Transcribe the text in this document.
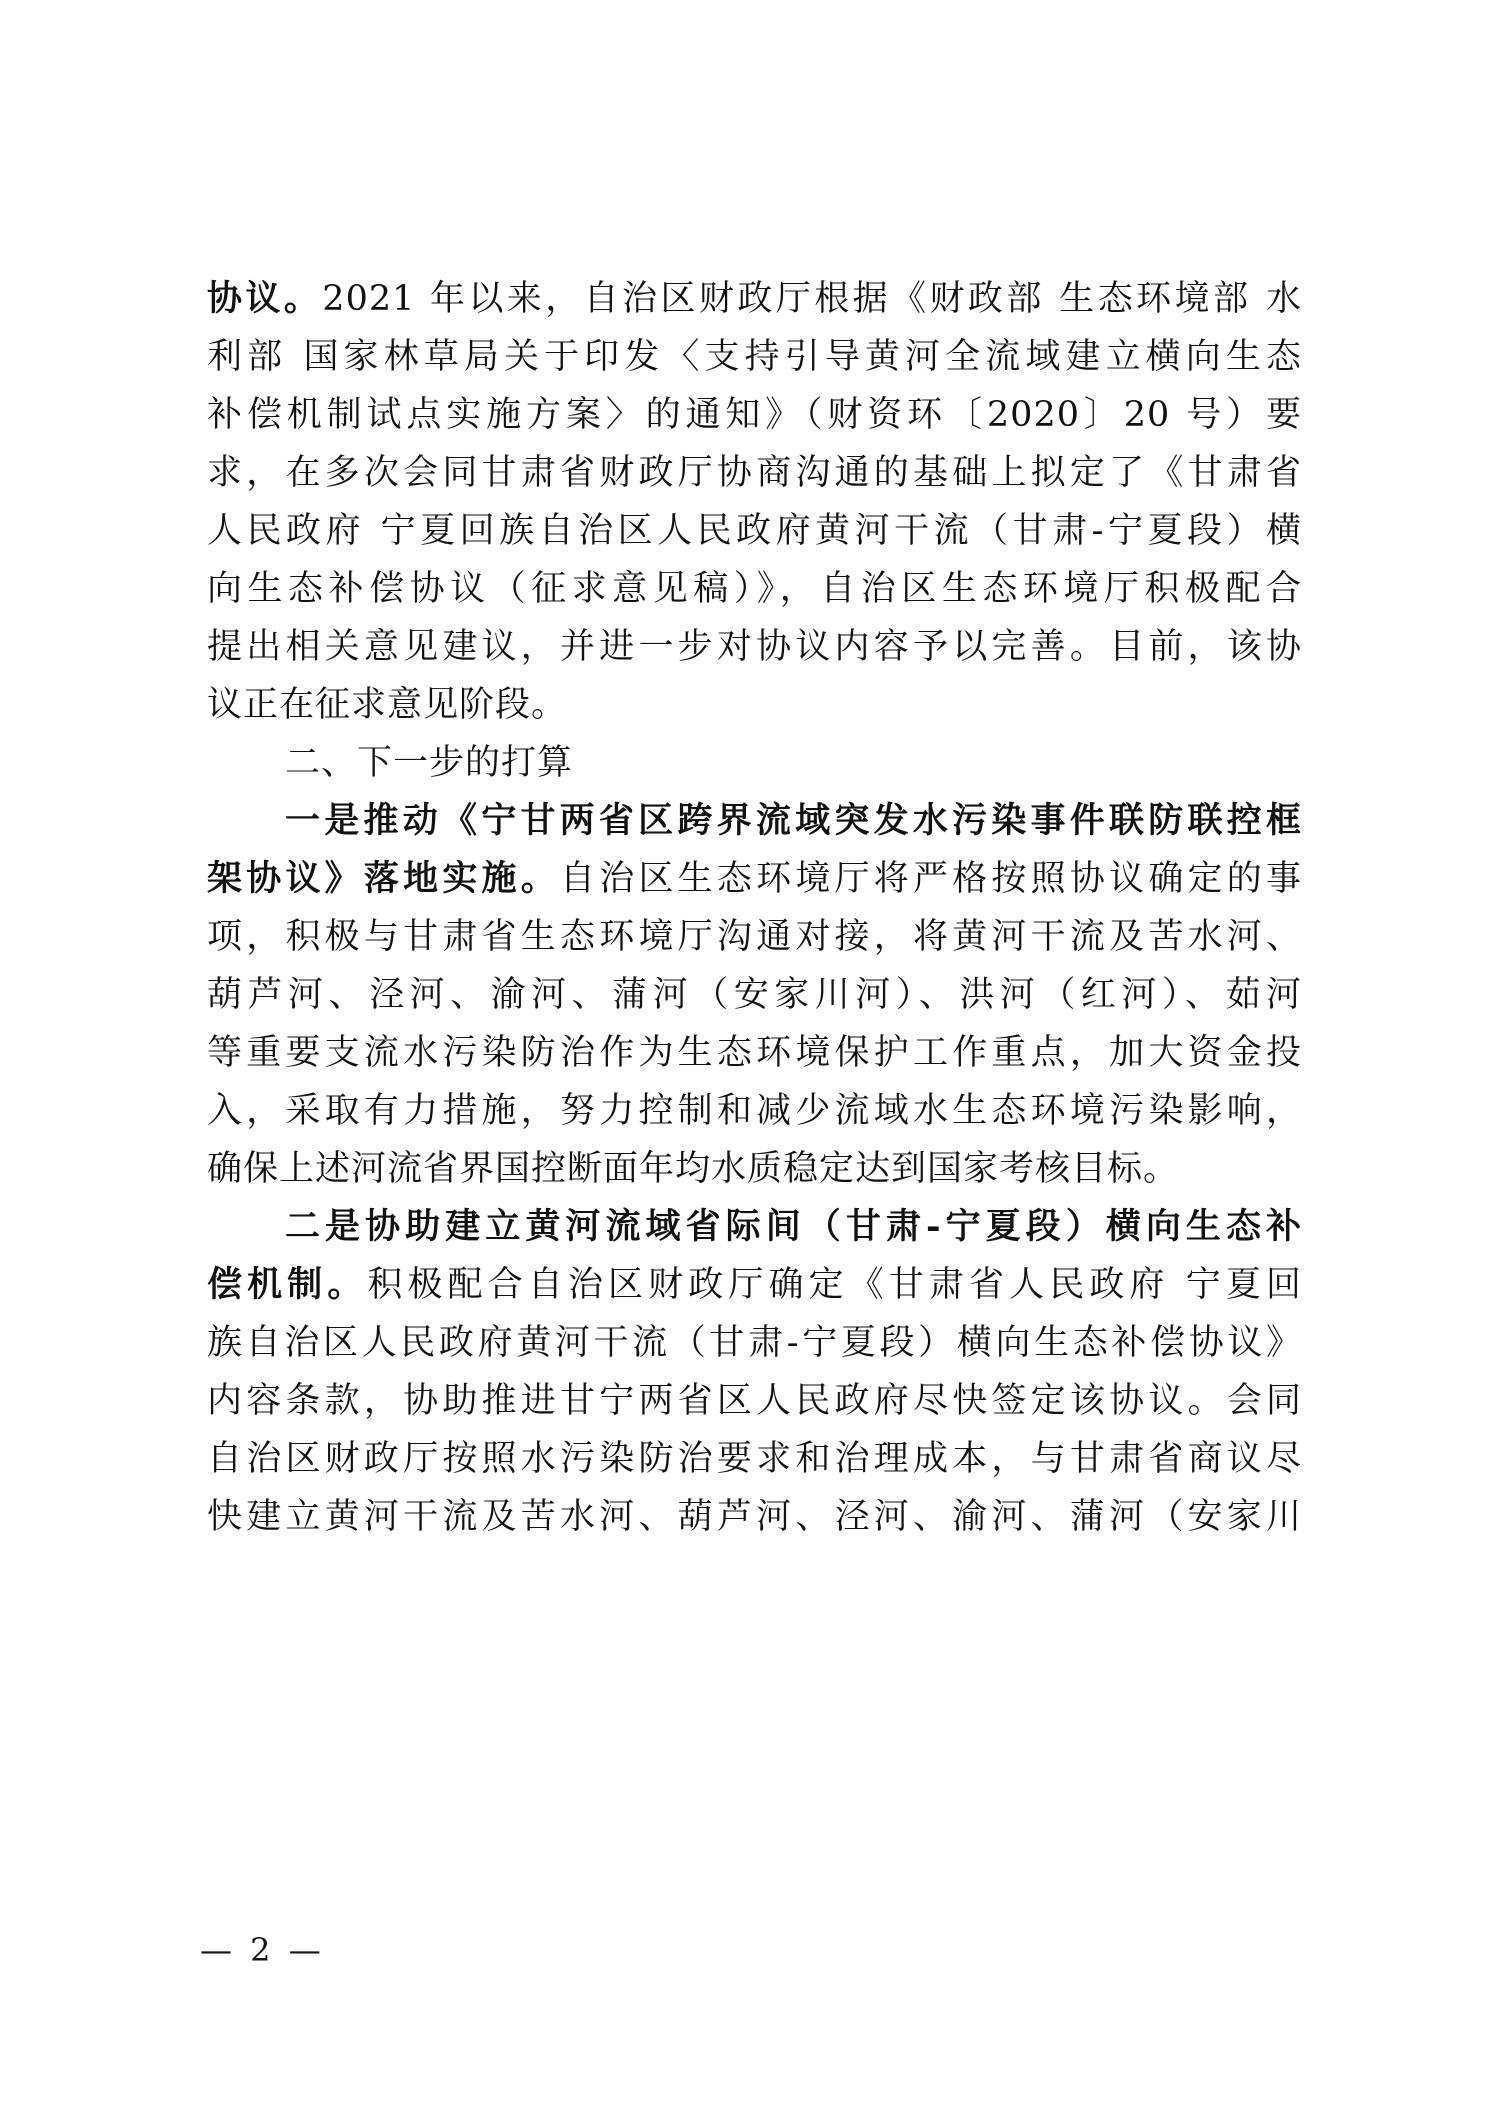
协议。2021 年以来，自治区财政厅根据《财政部 生态环境部 水
利部 国家林草局关于印发〈支持引导黄河全流域建立横向生态
补偿机制试点实施方案〉的通知》（财资环〔2020〕20 号）要
求，在多次会同甘肃省财政厅协商沟通的基础上拟定了《甘肃省
人民政府 宁夏回族自治区人民政府黄河干流（甘肃-宁夏段）横
向生态补偿协议（征求意见稿）》，自治区生态环境厅积极配合
提出相关意见建议，并进一步对协议内容予以完善。目前，该协
议正在征求意见阶段。
二、下一步的打算
一是推动《宁甘两省区跨界流域突发水污染事件联防联控框
架协议》落地实施。自治区生态环境厅将严格按照协议确定的事
项，积极与甘肃省生态环境厅沟通对接，将黄河干流及苦水河、
葫芦河、泾河、渝河、蒲河（安家川河）、洪河（红河）、茹河
等重要支流水污染防治作为生态环境保护工作重点，加大资金投
入，采取有力措施，努力控制和减少流域水生态环境污染影响，
确保上述河流省界国控断面年均水质稳定达到国家考核目标。
二是协助建立黄河流域省际间（甘肃-宁夏段）横向生态补
偿机制。积极配合自治区财政厅确定《甘肃省人民政府 宁夏回
族自治区人民政府黄河干流（甘肃-宁夏段）横向生态补偿协议》
内容条款，协助推进甘宁两省区人民政府尽快签定该协议。会同
自治区财政厅按照水污染防治要求和治理成本，与甘肃省商议尽
快建立黄河干流及苦水河、葫芦河、泾河、渝河、蒲河（安家川
— 2 —
